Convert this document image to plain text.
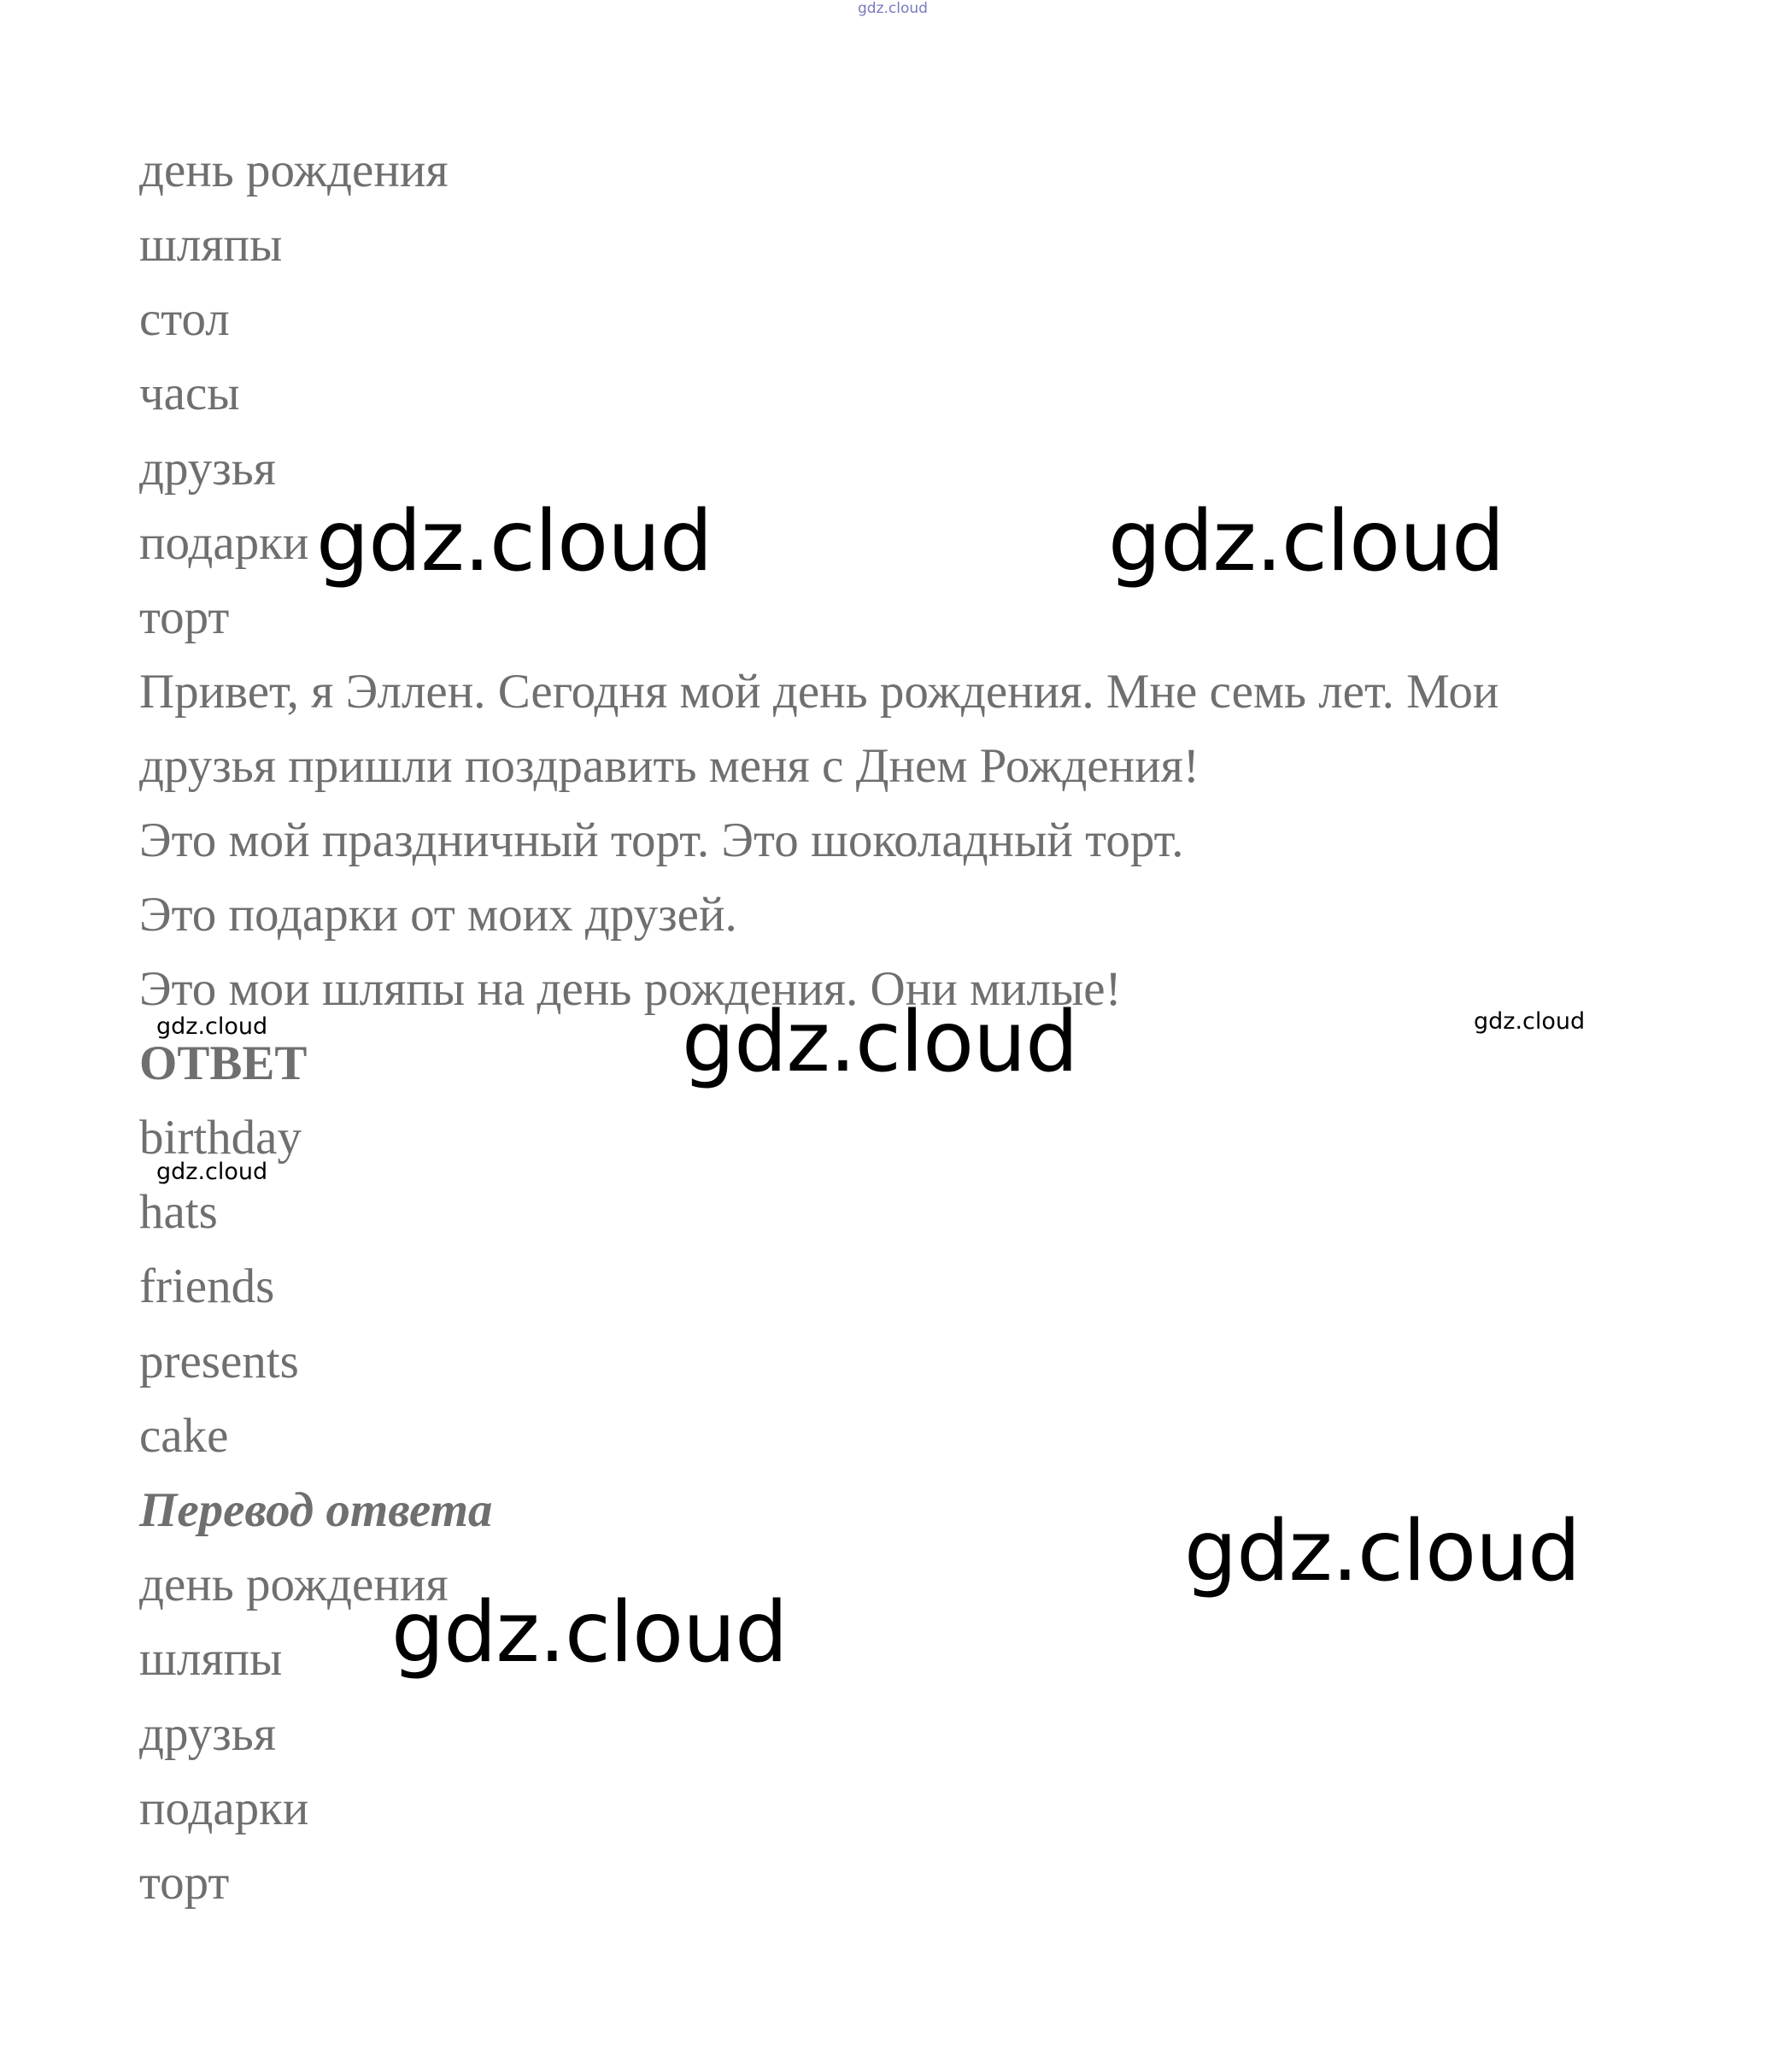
gdz.cloud

день рождения

шляпы

стол

часы

друзья

подарки

торт

Привет, я Эллен. Сегодня мой день рождения. Мне семь лет. Мои

друзья пришли поздравить меня с Днем Рождения!

Это мой праздничный торт. Это шоколадный торт.

Это подарки от моих друзей.

Это мои шляпы на день рождения. Они милые!

ОТВЕТ

birthday

hats

friends

presents

cake

Перевод ответа

день рождения

шляпы

друзья

подарки

торт

gdz.cloud	gdz.cloud
gdz.cloud
gdz.cloud
gdz.cloud
gdz.cloud	gdz.cloud
gdz.cloud
